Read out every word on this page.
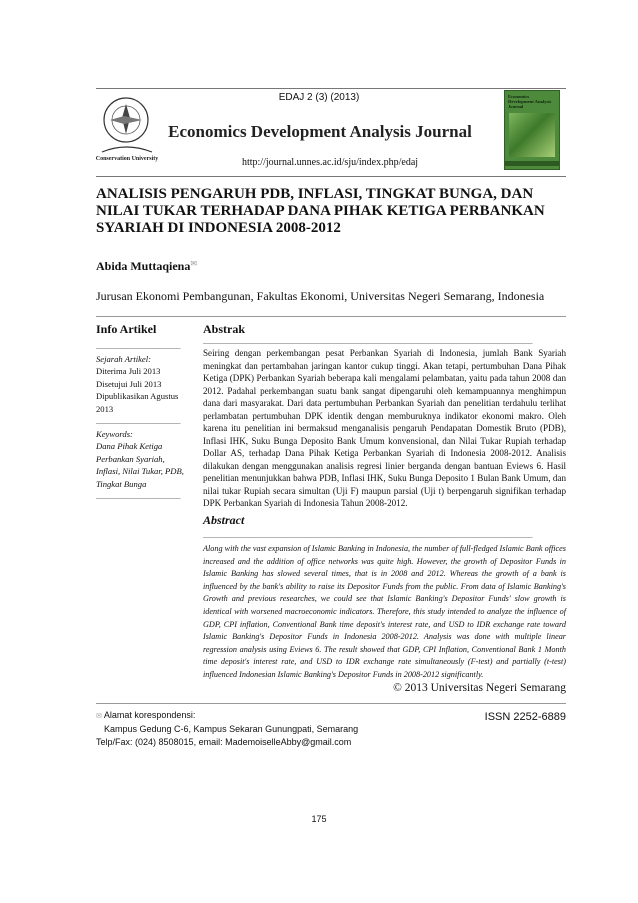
Conservation University
EDAJ 2 (3) (2013)
Economics Development Analysis Journal
http://journal.unnes.ac.id/sju/index.php/edaj
Economics Development Analysis Journal
ANALISIS PENGARUH PDB, INFLASI, TINGKAT BUNGA, DAN NILAI TUKAR TERHADAP DANA PIHAK KETIGA PERBANKAN SYARIAH DI INDONESIA 2008-2012
Abida Muttaqiena✉
Jurusan Ekonomi Pembangunan, Fakultas Ekonomi, Universitas Negeri Semarang, Indonesia
Info Artikel
________________________
Sejarah Artikel:
Diterima Juli 2013
Disetujui Juli 2013
Dipublikasikan Agustus 2013
________________________
Keywords:
Dana Pihak Ketiga Perbankan Syariah, Inflasi, Nilai Tukar, PDB, Tingkat Bunga
________________________
Abstrak
______________________________________________________________________________________________
Seiring dengan perkembangan pesat Perbankan Syariah di Indonesia, jumlah Bank Syariah meningkat dan pertambahan jaringan kantor cukup tinggi. Akan tetapi, pertumbuhan Dana Pihak Ketiga (DPK) Perbankan Syariah beberapa kali mengalami pelambatan, yaitu pada tahun 2008 dan 2012. Padahal perkembangan suatu bank sangat dipengaruhi oleh kemampuannya menghimpun dana dari masyarakat. Dari data pertumbuhan Perbankan Syariah dan penelitian terdahulu terlihat perlambatan pertumbuhan DPK identik dengan memburuknya indikator ekonomi makro. Oleh karena itu penelitian ini bermaksud menganalisis pengaruh Pendapatan Domestik Bruto (PDB), Inflasi IHK, Suku Bunga Deposito Bank Umum konvensional, dan Nilai Tukar Rupiah terhadap Dollar AS, terhadap Dana Pihak Ketiga Perbankan Syariah di Indonesia 2008-2012. Analisis dilakukan dengan menggunakan analisis regresi linier berganda dengan bantuan Eviews 6. Hasil penelitian menunjukkan bahwa PDB, Inflasi IHK, Suku Bunga Deposito 1 Bulan Bank Umum, dan nilai tukar Rupiah secara simultan (Uji F) maupun parsial (Uji t) berpengaruh signifikan terhadap DPK Perbankan Syariah di Indonesia Tahun 2008-2012.
Abstract
______________________________________________________________________________________________
Along with the vast expansion of Islamic Banking in Indonesia, the number of full-fledged Islamic Bank offices increased and the addition of office networks was quite high. However, the growth of Depositor Funds in Islamic Banking has slowed several times, that is in 2008 and 2012. Whereas the growth of a bank is influenced by the bank's ability to raise its Depositor Funds from the public. From data of Islamic Banking's Growth and previous researches, we could see that Islamic Banking's Depositor Funds' slow growth is identical with worsened macroeconomic indicators. Therefore, this study intended to analyze the influence of GDP, CPI inflation, Conventional Bank time deposit's interest rate, and USD to IDR exchange rate toward Islamic Banking's Depositor Funds in Indonesia 2008-2012. Analysis was done with multiple linear regression analysis using Eviews 6. The result showed that GDP, CPI Inflation, Conventional Bank 1 Month time deposit's interest rate, and USD to IDR exchange rate simultaneously (F-test) and partially (t-test) influenced Indonesian Islamic Banking's Depositor Funds in 2008-2012 significantly.
© 2013 Universitas Negeri Semarang
✉ Alamat korespondensi:
Kampus Gedung C-6, Kampus Sekaran Gunungpati, Semarang
Telp/Fax: (024) 8508015, email: MademoiselleAbby@gmail.com
ISSN 2252-6889
175
